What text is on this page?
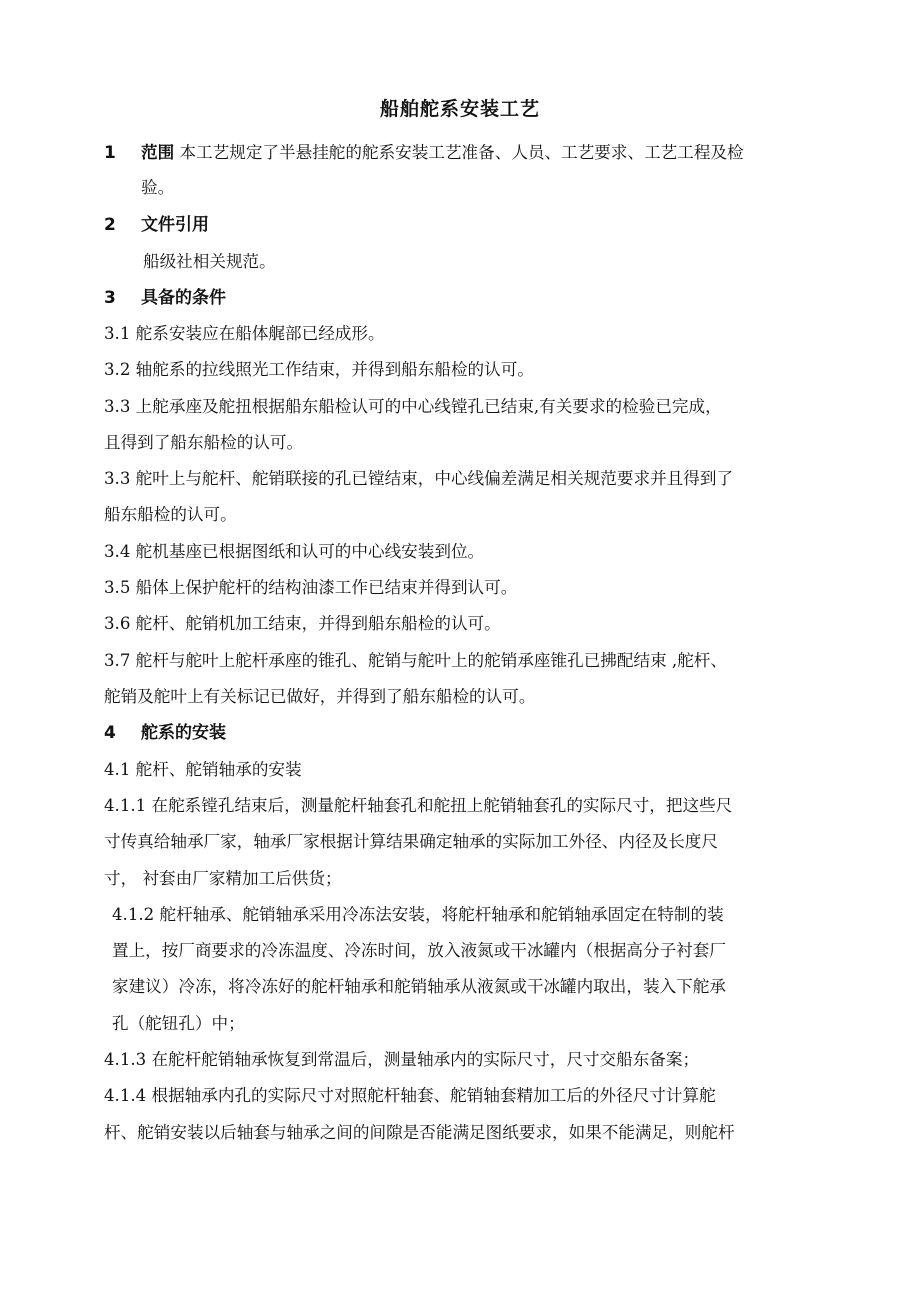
船舶舵系安装工艺
1 范围 本工艺规定了半悬挂舵的舵系安装工艺准备、人员、工艺要求、工艺工程及检
验。
2 文件引用
船级社相关规范。
3 具备的条件
3.1 舵系安装应在船体艉部已经成形。
3.2 轴舵系的拉线照光工作结束，并得到船东船检的认可。
3.3 上舵承座及舵扭根据船东船检认可的中心线镗孔已结束,有关要求的检验已完成，
且得到了船东船检的认可。
3.3 舵叶上与舵杆、舵销联接的孔已镗结束，中心线偏差满足相关规范要求并且得到了
船东船检的认可。
3.4 舵机基座已根据图纸和认可的中心线安装到位。
3.5 船体上保护舵杆的结构油漆工作已结束并得到认可。
3.6 舵杆、舵销机加工结束，并得到船东船检的认可。
3.7 舵杆与舵叶上舵杆承座的锥孔、舵销与舵叶上的舵销承座锥孔已拂配结束 ,舵杆、
舵销及舵叶上有关标记已做好，并得到了船东船检的认可。
4 舵系的安装
4.1 舵杆、舵销轴承的安装
4.1.1 在舵系镗孔结束后，测量舵杆轴套孔和舵扭上舵销轴套孔的实际尺寸，把这些尺
寸传真给轴承厂家，轴承厂家根据计算结果确定轴承的实际加工外径、内径及长度尺
寸， 衬套由厂家精加工后供货；
4.1.2 舵杆轴承、舵销轴承采用冷冻法安装，将舵杆轴承和舵销轴承固定在特制的装
置上，按厂商要求的冷冻温度、冷冻时间，放入液氮或干冰罐内（根据高分子衬套厂
家建议）冷冻，将冷冻好的舵杆轴承和舵销轴承从液氮或干冰罐内取出，装入下舵承
孔（舵钮孔）中；
4.1.3 在舵杆舵销轴承恢复到常温后，测量轴承内的实际尺寸，尺寸交船东备案；
4.1.4 根据轴承内孔的实际尺寸对照舵杆轴套、舵销轴套精加工后的外径尺寸计算舵
杆、舵销安装以后轴套与轴承之间的间隙是否能满足图纸要求，如果不能满足，则舵杆
